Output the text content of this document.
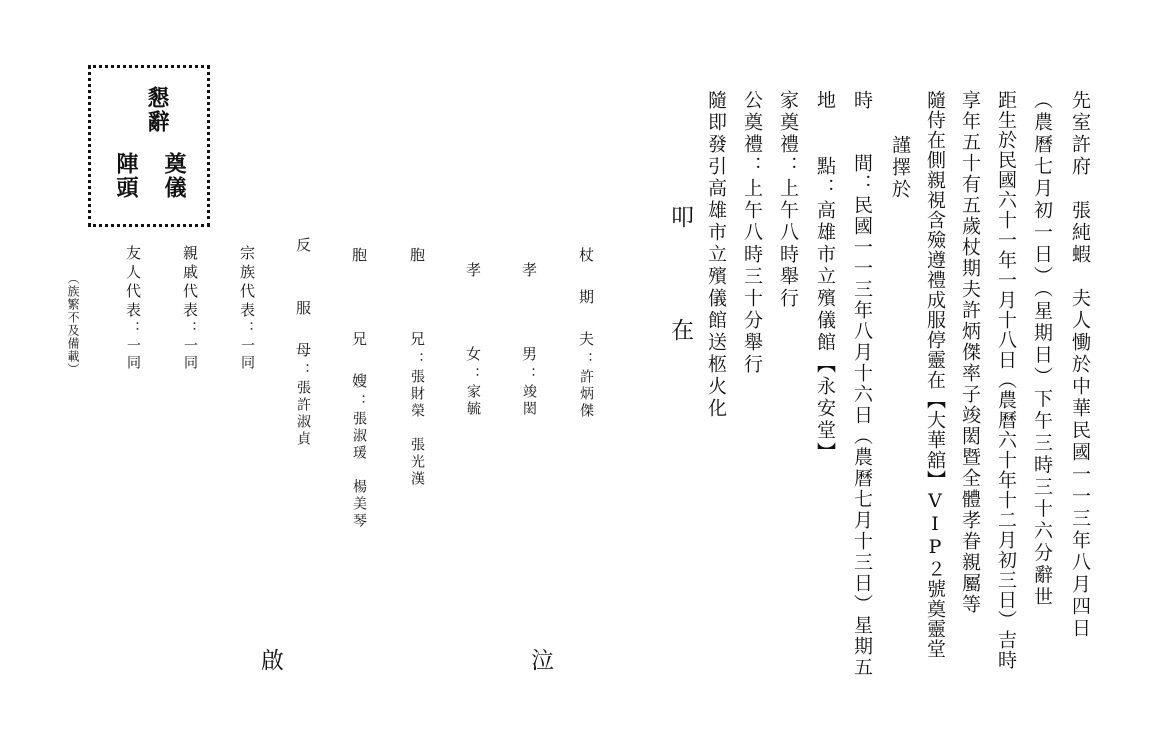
先室許府　張純蝦　夫人慟於中華民國一一三年八月四日
（農曆七月初一日）（星期日）下午三時三十六分辭世
距生於民國六十一年一月十八日（農曆六十年十二月初三日）吉時
享年五十有五歲杖期夫許炳傑率子竣閎暨全體孝眷親屬等
隨侍在側親視含殮遵禮成服停靈在【大華舘】VIP２號奠靈堂
謹擇於
時　　間：民國一一三年八月十六日（農曆七月十三日）星期五
地　　點：高雄市立殯儀館【永安堂】
家奠禮：上午八時舉行
公奠禮：上午八時三十分舉行
隨即發引高雄市立殯儀館送柩火化
叩
在
杖　期　夫：許炳傑
孝　　　男：竣閎
孝　　　女：家毓
胞　　　兄：張財榮　張光漢
胞　　　兄　嫂：張淑瑗　楊美琴
反　　服　母：張許淑貞
宗族代表：一同
親戚代表：一同
友人代表：一同
（族繁不及備載）
泣
啟
懇辭
奠儀
陣頭
